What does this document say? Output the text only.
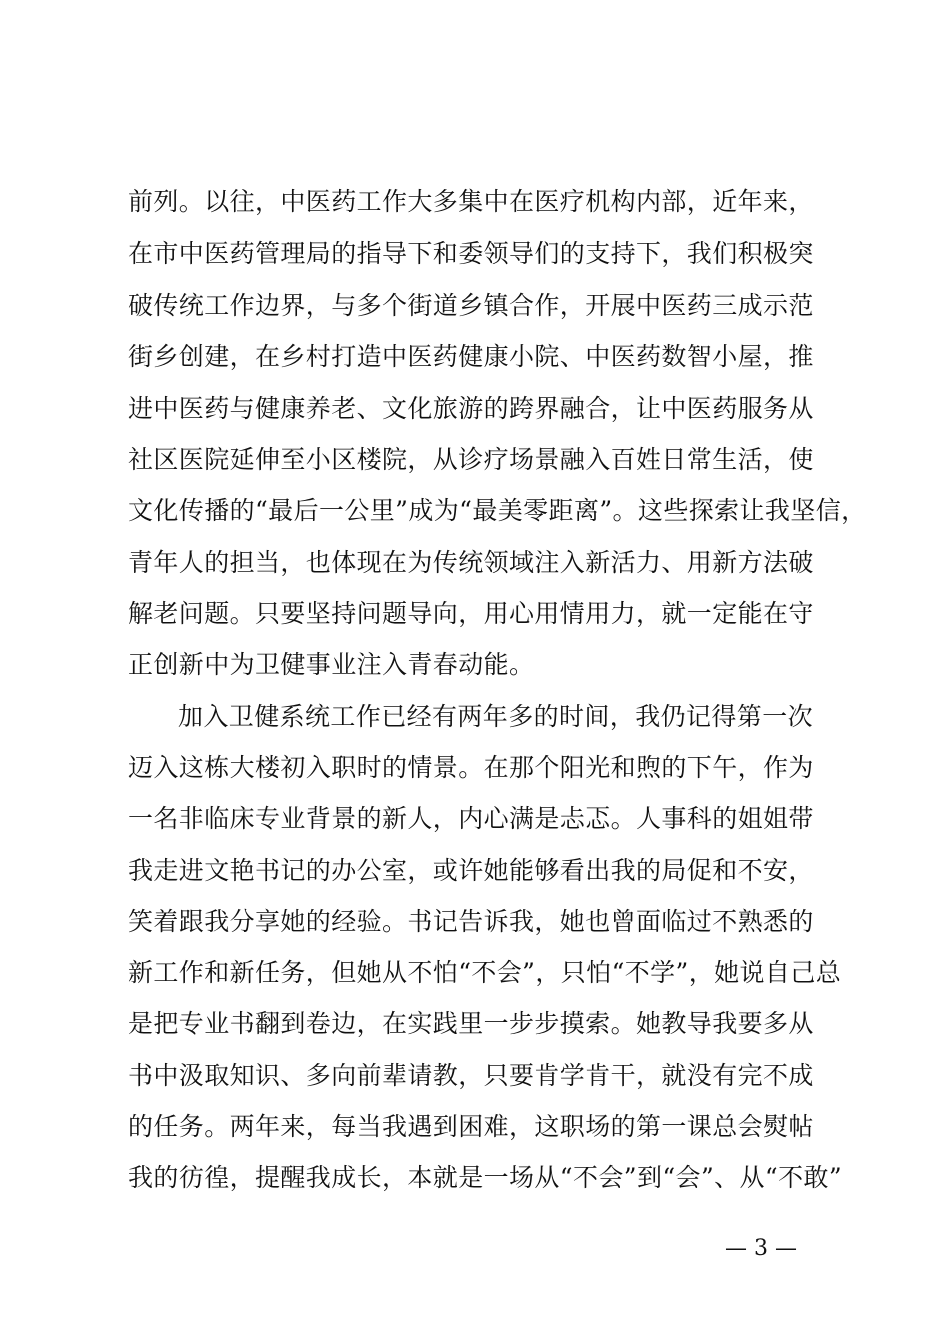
前列。以往，中医药工作大多集中在医疗机构内部，近年来，
在市中医药管理局的指导下和委领导们的支持下，我们积极突
破传统工作边界，与多个街道乡镇合作，开展中医药三成示范
街乡创建，在乡村打造中医药健康小院、中医药数智小屋，推
进中医药与健康养老、文化旅游的跨界融合，让中医药服务从
社区医院延伸至小区楼院，从诊疗场景融入百姓日常生活，使
文化传播的“最后一公里”成为“最美零距离”。这些探索让我坚信，
青年人的担当，也体现在为传统领域注入新活力、用新方法破
解老问题。只要坚持问题导向，用心用情用力，就一定能在守
正创新中为卫健事业注入青春动能。
加入卫健系统工作已经有两年多的时间，我仍记得第一次
迈入这栋大楼初入职时的情景。在那个阳光和煦的下午，作为
一名非临床专业背景的新人，内心满是忐忑。人事科的姐姐带
我走进文艳书记的办公室，或许她能够看出我的局促和不安，
笑着跟我分享她的经验。书记告诉我，她也曾面临过不熟悉的
新工作和新任务，但她从不怕“不会”，只怕“不学”，她说自己总
是把专业书翻到卷边，在实践里一步步摸索。她教导我要多从
书中汲取知识、多向前辈请教，只要肯学肯干，就没有完不成
的任务。两年来，每当我遇到困难，这职场的第一课总会熨帖
我的彷徨，提醒我成长，本就是一场从“不会”到“会”、从“不敢”
— 3 —
